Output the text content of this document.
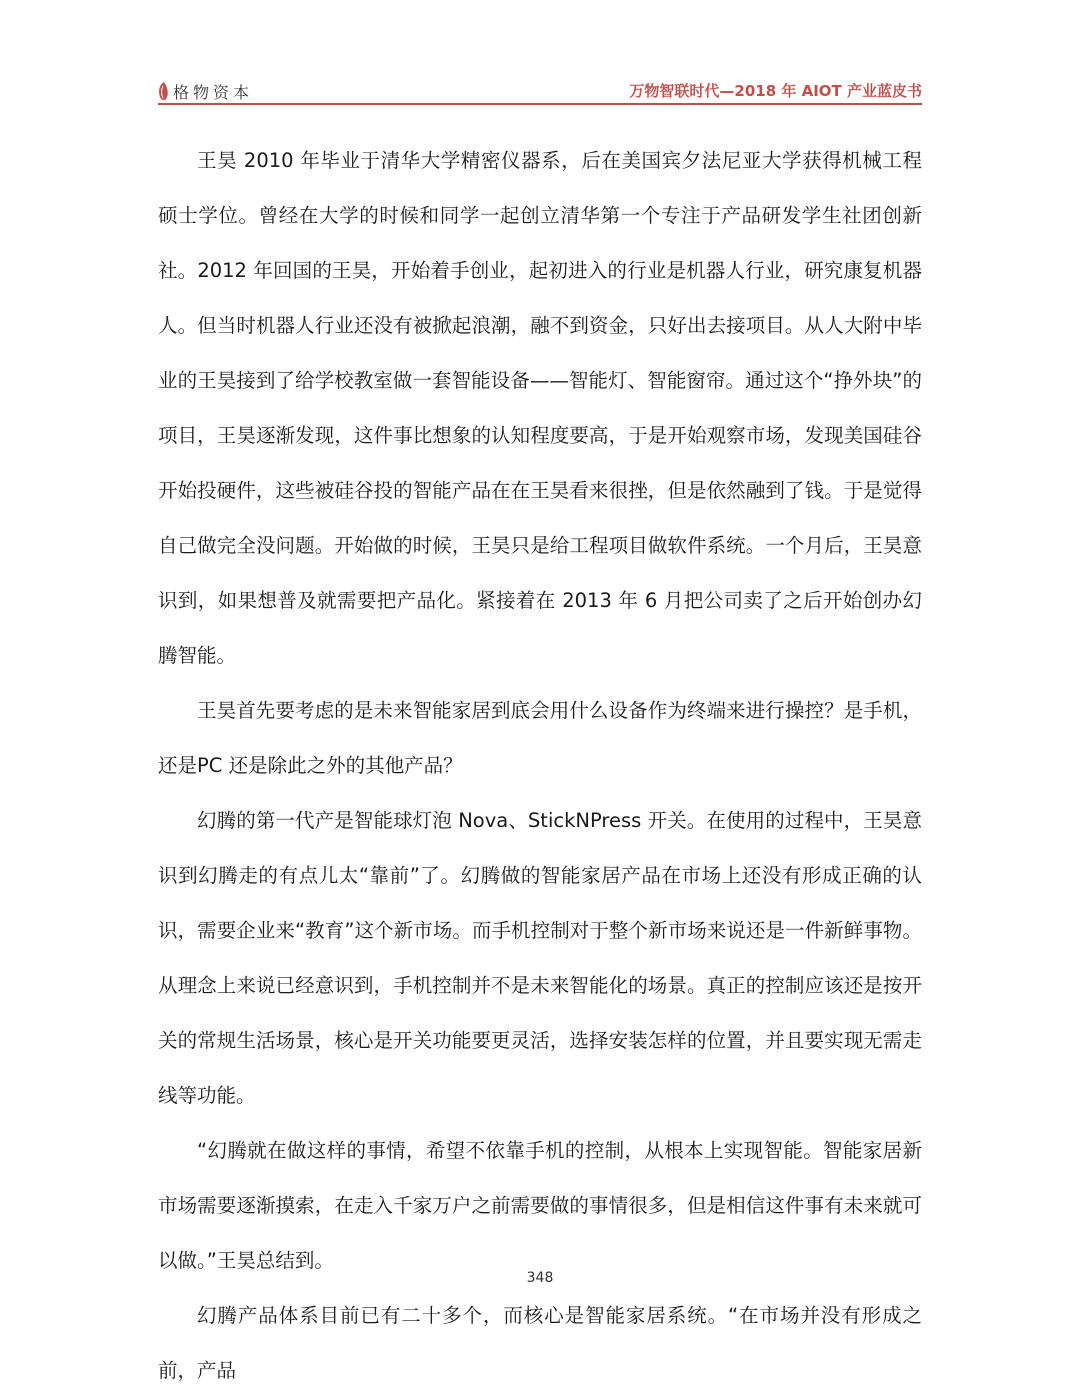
格物资本	万物智联时代—2018 年 AIOT 产业蓝皮书

王昊 2010 年毕业于清华大学精密仪器系，后在美国宾夕法尼亚大学获得机械工程硕士学位。曾经在大学的时候和同学一起创立清华第一个专注于产品研发学生社团创新社。2012 年回国的王昊，开始着手创业，起初进入的行业是机器人行业，研究康复机器人。但当时机器人行业还没有被掀起浪潮，融不到资金，只好出去接项目。从人大附中毕业的王昊接到了给学校教室做一套智能设备——智能灯、智能窗帘。通过这个“挣外块”的项目，王昊逐渐发现，这件事比想象的认知程度要高，于是开始观察市场，发现美国硅谷开始投硬件，这些被硅谷投的智能产品在在王昊看来很挫，但是依然融到了钱。于是觉得自己做完全没问题。开始做的时候，王昊只是给工程项目做软件系统。一个月后，王昊意识到，如果想普及就需要把产品化。紧接着在 2013 年 6 月把公司卖了之后开始创办幻腾智能。

王昊首先要考虑的是未来智能家居到底会用什么设备作为终端来进行操控？是手机，还是PC 还是除此之外的其他产品？

幻腾的第一代产是智能球灯泡 Nova、StickNPress 开关。在使用的过程中，王昊意识到幻腾走的有点儿太“靠前”了。幻腾做的智能家居产品在市场上还没有形成正确的认识，需要企业来“教育”这个新市场。而手机控制对于整个新市场来说还是一件新鲜事物。从理念上来说已经意识到，手机控制并不是未来智能化的场景。真正的控制应该还是按开关的常规生活场景，核心是开关功能要更灵活，选择安装怎样的位置，并且要实现无需走线等功能。

“幻腾就在做这样的事情，希望不依靠手机的控制，从根本上实现智能。智能家居新市场需要逐渐摸索，在走入千家万户之前需要做的事情很多，但是相信这件事有未来就可以做。”王昊总结到。

幻腾产品体系目前已有二十多个，而核心是智能家居系统。“在市场并没有形成之前，产品

348
